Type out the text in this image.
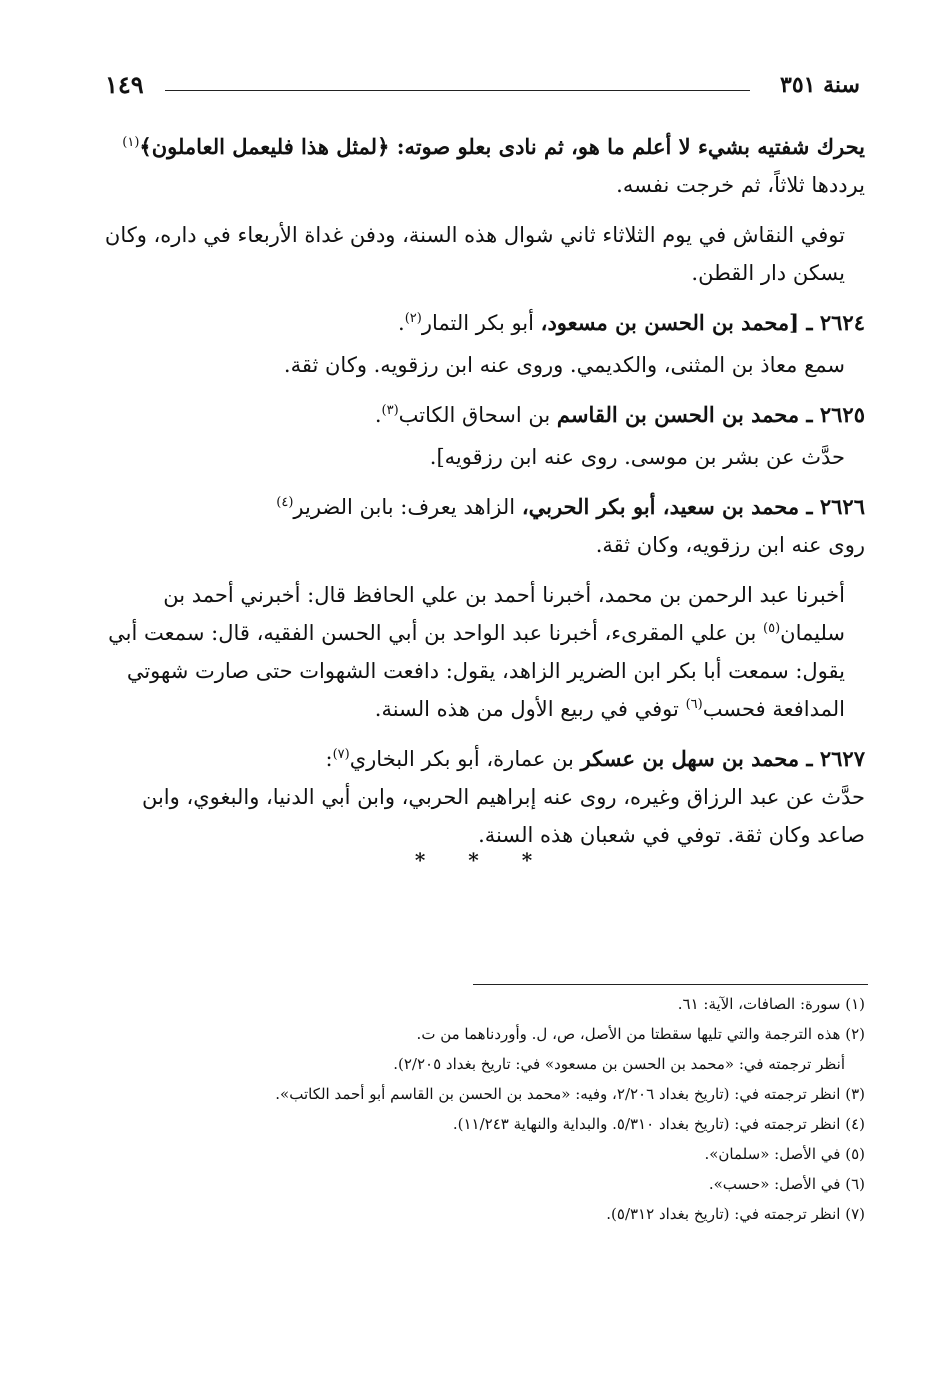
سنة ٣٥١
١٤٩

يحرك شفتيه بشيء لا أعلم ما هو، ثم نادى بعلو صوته: ﴿لمثل هذا فليعمل العاملون﴾$^{(١)}$ يرددها ثلاثاً، ثم خرجت نفسه.

توفي النقاش في يوم الثلاثاء ثاني شوال هذه السنة، ودفن غداة الأربعاء في داره، وكان يسكن دار القطن.

٢٦٢٤ ـ [محمد بن الحسن بن مسعود، أبو بكر التمار$^{(٢)}$.

سمع معاذ بن المثنى، والكديمي. وروى عنه ابن رزقويه. وكان ثقة.

٢٦٢٥ ـ محمد بن الحسن بن القاسم بن اسحاق الكاتب$^{(٣)}$.

حدَّث عن بشر بن موسى. روى عنه ابن رزقويه].

٢٦٢٦ ـ محمد بن سعيد، أبو بكر الحربي، الزاهد يعرف: بابن الضرير$^{(٤)}$

روى عنه ابن رزقويه، وكان ثقة.

أخبرنا عبد الرحمن بن محمد، أخبرنا أحمد بن علي الحافظ قال: أخبرني أحمد بن سليمان$^{(٥)}$ بن علي المقرىء، أخبرنا عبد الواحد بن أبي الحسن الفقيه، قال: سمعت أبي يقول: سمعت أبا بكر ابن الضرير الزاهد، يقول: دافعت الشهوات حتى صارت شهوتي المدافعة فحسب$^{(٦)}$ توفي في ربيع الأول من هذه السنة.

٢٦٢٧ ـ محمد بن سهل بن عسكر بن عمارة، أبو بكر البخاري$^{(٧)}$:

حدَّث عن عبد الرزاق وغيره، روى عنه إبراهيم الحربي، وابن أبي الدنيا، والبغوي، وابن صاعد وكان ثقة. توفي في شعبان هذه السنة.

* * *

(١) سورة: الصافات، الآية: ٦١.

(٢) هذه الترجمة والتي تليها سقطتا من الأصل، ص، ل. وأوردناهما من ت.

أنظر ترجمته في: «محمد بن الحسن بن مسعود» في: تاريخ بغداد ٢/٢٠٥).

(٣) انظر ترجمته في: (تاريخ بغداد ٢/٢٠٦، وفيه: «محمد بن الحسن بن القاسم أبو أحمد الكاتب».

(٤) انظر ترجمته في: (تاريخ بغداد ٥/٣١٠. والبداية والنهاية ١١/٢٤٣).

(٥) في الأصل: «سلمان».

(٦) في الأصل: «حسب».

(٧) انظر ترجمته في: (تاريخ بغداد ٥/٣١٢).
